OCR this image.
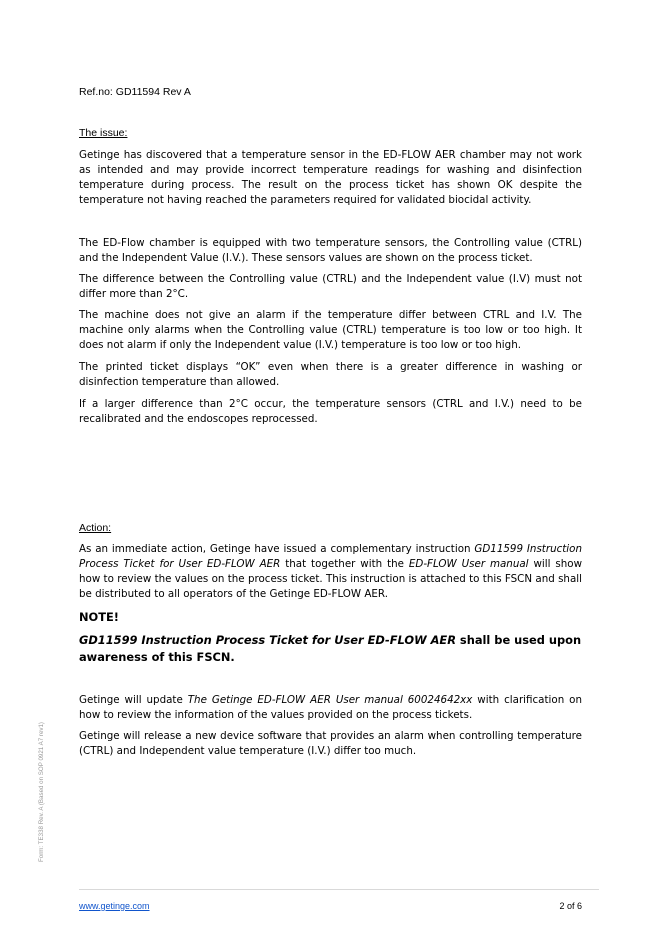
Ref.no: GD11594 Rev A
The issue:

Getinge has discovered that a temperature sensor in the ED-FLOW AER chamber may not work as intended and may provide incorrect temperature readings for washing and disinfection temperature during process. The result on the process ticket has shown OK despite the temperature not having reached the parameters required for validated biocidal activity.

The ED-Flow chamber is equipped with two temperature sensors, the Controlling value (CTRL) and the Independent Value (I.V.). These sensors values are shown on the process ticket.

The difference between the Controlling value (CTRL) and the Independent value (I.V) must not differ more than 2°C.

The machine does not give an alarm if the temperature differ between CTRL and I.V. The machine only alarms when the Controlling value (CTRL) temperature is too low or too high. It does not alarm if only the Independent value (I.V.) temperature is too low or too high.

The printed ticket displays “OK” even when there is a greater difference in washing or disinfection temperature than allowed.

If a larger difference than 2°C occur, the temperature sensors (CTRL and I.V.) need to be recalibrated and the endoscopes reprocessed.

Action:

As an immediate action, Getinge have issued a complementary instruction GD11599 Instruction Process Ticket for User ED-FLOW AER that together with the ED-FLOW User manual will show how to review the values on the process ticket. This instruction is attached to this FSCN and shall be distributed to all operators of the Getinge ED-FLOW AER.

NOTE!

GD11599 Instruction Process Ticket for User ED-FLOW AER shall be used upon awareness of this FSCN.

Getinge will update The Getinge ED-FLOW AER User manual 60024642xx with clarification on how to review the information of the values provided on the process tickets.

Getinge will release a new device software that provides an alarm when controlling temperature (CTRL) and Independent value temperature (I.V.) differ too much.

Form: TE338 Rev. A (Based on SOP 0921 A7 rev1)
www.getinge.com	2 of 6
